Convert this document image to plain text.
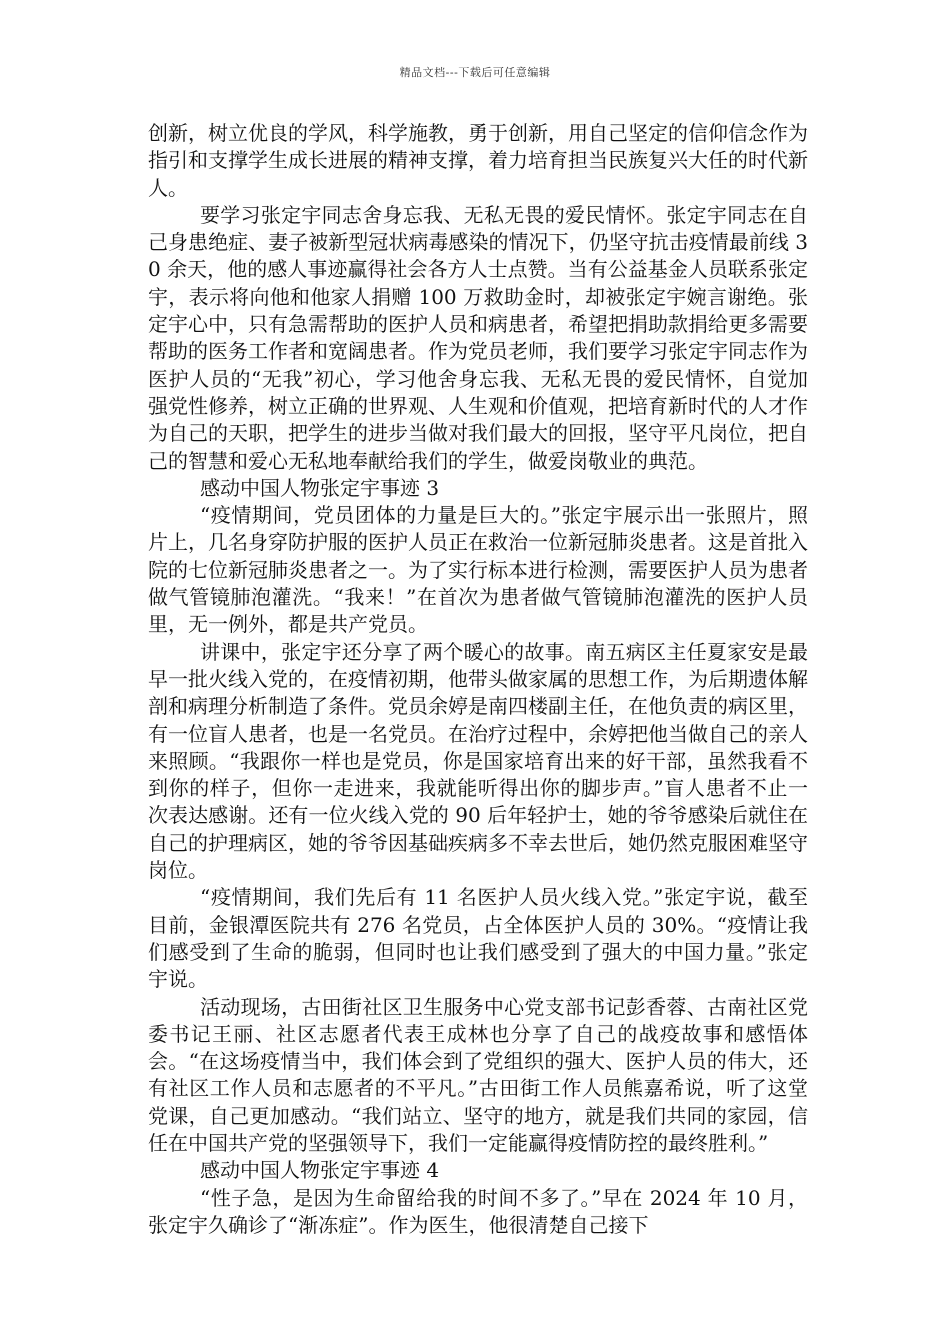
精品文档---下载后可任意编辑

创新，树立优良的学风，科学施教，勇于创新，用自己坚定的信仰信念作为指引和支撑学生成长进展的精神支撑，着力培育担当民族复兴大任的时代新人。

要学习张定宇同志舍身忘我、无私无畏的爱民情怀。张定宇同志在自己身患绝症、妻子被新型冠状病毒感染的情况下，仍坚守抗击疫情最前线 30 余天，他的感人事迹赢得社会各方人士点赞。当有公益基金人员联系张定宇，表示将向他和他家人捐赠 100 万救助金时，却被张定宇婉言谢绝。张定宇心中，只有急需帮助的医护人员和病患者，希望把捐助款捐给更多需要帮助的医务工作者和宽阔患者。作为党员老师，我们要学习张定宇同志作为医护人员的“无我”初心，学习他舍身忘我、无私无畏的爱民情怀，自觉加强党性修养，树立正确的世界观、人生观和价值观，把培育新时代的人才作为自己的天职，把学生的进步当做对我们最大的回报，坚守平凡岗位，把自己的智慧和爱心无私地奉献给我们的学生，做爱岗敬业的典范。

感动中国人物张定宇事迹 3

“疫情期间，党员团体的力量是巨大的。”张定宇展示出一张照片，照片上，几名身穿防护服的医护人员正在救治一位新冠肺炎患者。这是首批入院的七位新冠肺炎患者之一。为了实行标本进行检测，需要医护人员为患者做气管镜肺泡灌洗。“我来！”在首次为患者做气管镜肺泡灌洗的医护人员里，无一例外，都是共产党员。

讲课中，张定宇还分享了两个暖心的故事。南五病区主任夏家安是最早一批火线入党的，在疫情初期，他带头做家属的思想工作，为后期遗体解剖和病理分析制造了条件。党员余婷是南四楼副主任，在他负责的病区里，有一位盲人患者，也是一名党员。在治疗过程中，余婷把他当做自己的亲人来照顾。“我跟你一样也是党员，你是国家培育出来的好干部，虽然我看不到你的样子，但你一走进来，我就能听得出你的脚步声。”盲人患者不止一次表达感谢。还有一位火线入党的 90 后年轻护士，她的爷爷感染后就住在自己的护理病区，她的爷爷因基础疾病多不幸去世后，她仍然克服困难坚守岗位。

“疫情期间，我们先后有 11 名医护人员火线入党。”张定宇说，截至目前，金银潭医院共有 276 名党员，占全体医护人员的 30%。“疫情让我们感受到了生命的脆弱，但同时也让我们感受到了强大的中国力量。”张定宇说。

活动现场，古田街社区卫生服务中心党支部书记彭香蓉、古南社区党委书记王丽、社区志愿者代表王成林也分享了自己的战疫故事和感悟体会。“在这场疫情当中，我们体会到了党组织的强大、医护人员的伟大，还有社区工作人员和志愿者的不平凡。”古田街工作人员熊嘉希说，听了这堂党课，自己更加感动。“我们站立、坚守的地方，就是我们共同的家园，信任在中国共产党的坚强领导下，我们一定能赢得疫情防控的最终胜利。”

感动中国人物张定宇事迹 4

“性子急，是因为生命留给我的时间不多了。”早在 2024 年 10 月，张定宇久确诊了“渐冻症”。作为医生，他很清楚自己接下
